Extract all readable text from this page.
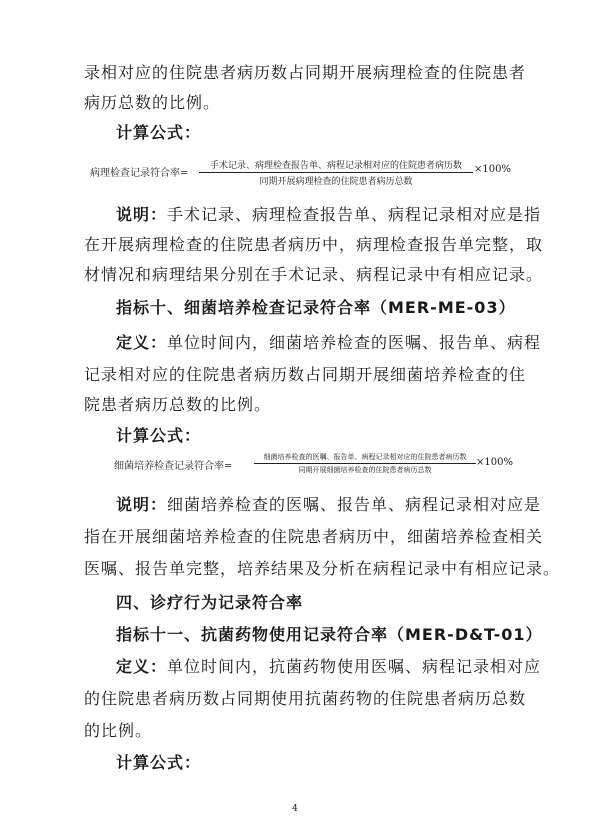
录相对应的住院患者病历数占同期开展病理检查的住院患者
病历总数的比例。
计算公式：
病理检查记录符合率=
手术记录、病理检查报告单、病程记录相对应的住院患者病历数
同期开展病理检查的住院患者病历总数
×100%
说明：手术记录、病理检查报告单、病程记录相对应是指
在开展病理检查的住院患者病历中，病理检查报告单完整，取
材情况和病理结果分别在手术记录、病程记录中有相应记录。
指标十、细菌培养检查记录符合率（MER-ME-03）
定义：单位时间内，细菌培养检查的医嘱、报告单、病程
记录相对应的住院患者病历数占同期开展细菌培养检查的住
院患者病历总数的比例。
计算公式：
细菌培养检查记录符合率=
细菌培养检查的医嘱、报告单、病程记录相对应的住院患者病历数
同期开展细菌培养检查的住院患者病历总数
×100%
说明：细菌培养检查的医嘱、报告单、病程记录相对应是
指在开展细菌培养检查的住院患者病历中，细菌培养检查相关
医嘱、报告单完整，培养结果及分析在病程记录中有相应记录。
四、诊疗行为记录符合率
指标十一、抗菌药物使用记录符合率（MER-D&T-01）
定义：单位时间内，抗菌药物使用医嘱、病程记录相对应
的住院患者病历数占同期使用抗菌药物的住院患者病历总数
的比例。
计算公式：
4
